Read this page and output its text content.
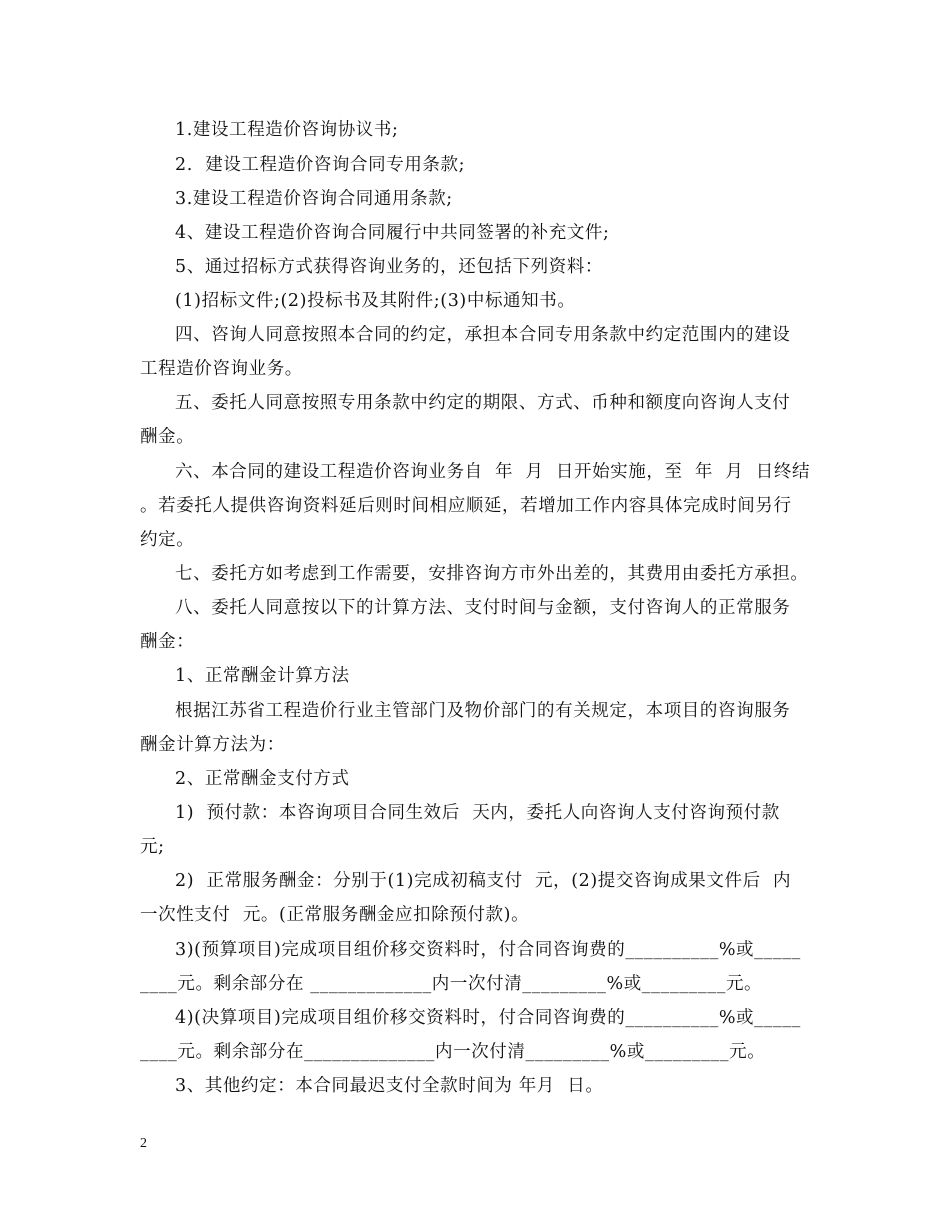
1.建设工程造价咨询协议书;
2.  建设工程造价咨询合同专用条款;
3.建设工程造价咨询合同通用条款;
4、建设工程造价咨询合同履行中共同签署的补充文件;
5、通过招标方式获得咨询业务的，还包括下列资料：
(1)招标文件;(2)投标书及其附件;(3)中标通知书。
四、咨询人同意按照本合同的约定，承担本合同专用条款中约定范围内的建设
工程造价咨询业务。
五、委托人同意按照专用条款中约定的期限、方式、币种和额度向咨询人支付
酬金。
六、本合同的建设工程造价咨询业务自  年  月  日开始实施，至  年  月  日终结
。若委托人提供咨询资料延后则时间相应顺延，若增加工作内容具体完成时间另行
约定。
七、委托方如考虑到工作需要，安排咨询方市外出差的，其费用由委托方承担。
八、委托人同意按以下的计算方法、支付时间与金额，支付咨询人的正常服务
酬金：
1、正常酬金计算方法
根据江苏省工程造价行业主管部门及物价部门的有关规定，本项目的咨询服务
酬金计算方法为：
2、正常酬金支付方式
1)  预付款：本咨询项目合同生效后  天内，委托人向咨询人支付咨询预付款
元;
2)  正常服务酬金：分别于(1)完成初稿支付  元，(2)提交咨询成果文件后  内
一次性支付  元。(正常服务酬金应扣除预付款)。
3)(预算项目)完成项目组价移交资料时，付合同咨询费的__________%或_____
____元。剩余部分在 _____________内一次付清_________%或_________元。
4)(决算项目)完成项目组价移交资料时，付合同咨询费的__________%或_____
____元。剩余部分在______________内一次付清_________%或_________元。
3、其他约定：本合同最迟支付全款时间为 年月  日。
2
